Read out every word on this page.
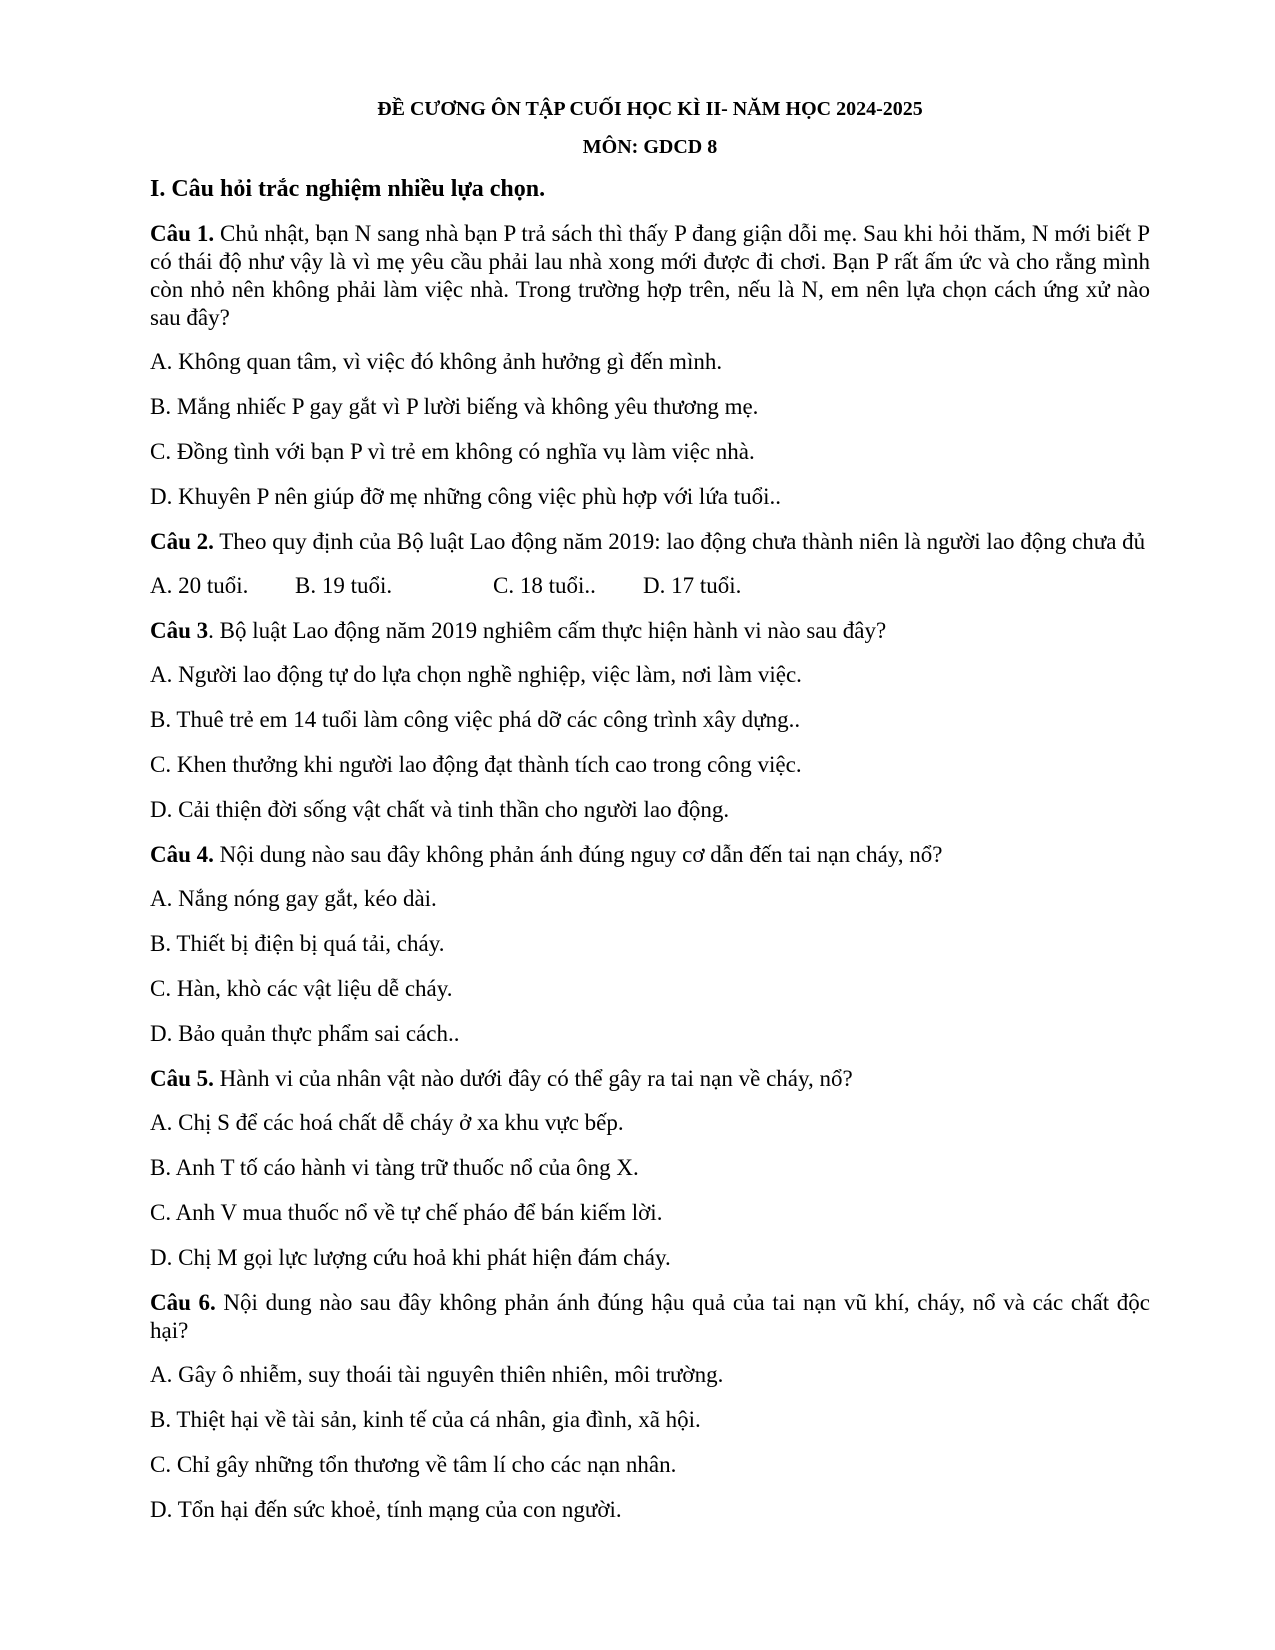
ĐỀ CƯƠNG ÔN TẬP CUỐI HỌC KÌ II- NĂM HỌC 2024-2025
MÔN: GDCD 8
I. Câu hỏi trắc nghiệm nhiều lựa chọn.
Câu 1. Chủ nhật, bạn N sang nhà bạn P trả sách thì thấy P đang giận dỗi mẹ. Sau khi hỏi thăm, N mới biết P có thái độ như vậy là vì mẹ yêu cầu phải lau nhà xong mới được đi chơi. Bạn P rất ấm ức và cho rằng mình còn nhỏ nên không phải làm việc nhà. Trong trường hợp trên, nếu là N, em nên lựa chọn cách ứng xử nào sau đây?
A. Không quan tâm, vì việc đó không ảnh hưởng gì đến mình.
B. Mắng nhiếc P gay gắt vì P lười biếng và không yêu thương mẹ.
C. Đồng tình với bạn P vì trẻ em không có nghĩa vụ làm việc nhà.
D. Khuyên P nên giúp đỡ mẹ những công việc phù hợp với lứa tuổi..
Câu 2. Theo quy định của Bộ luật Lao động năm 2019: lao động chưa thành niên là người lao động chưa đủ
A. 20 tuổi. B. 19 tuổi.	C. 18 tuổi.. D. 17 tuổi.
Câu 3. Bộ luật Lao động năm 2019 nghiêm cấm thực hiện hành vi nào sau đây?
A. Người lao động tự do lựa chọn nghề nghiệp, việc làm, nơi làm việc.
B. Thuê trẻ em 14 tuổi làm công việc phá dỡ các công trình xây dựng..
C. Khen thưởng khi người lao động đạt thành tích cao trong công việc.
D. Cải thiện đời sống vật chất và tinh thần cho người lao động.
Câu 4. Nội dung nào sau đây không phản ánh đúng nguy cơ dẫn đến tai nạn cháy, nổ?
A. Nắng nóng gay gắt, kéo dài.
B. Thiết bị điện bị quá tải, cháy.
C. Hàn, khò các vật liệu dễ cháy.
D. Bảo quản thực phẩm sai cách..
Câu 5. Hành vi của nhân vật nào dưới đây có thể gây ra tai nạn về cháy, nổ?
A. Chị S để các hoá chất dễ cháy ở xa khu vực bếp.
B. Anh T tố cáo hành vi tàng trữ thuốc nổ của ông X.
C. Anh V mua thuốc nổ về tự chế pháo để bán kiếm lời.
D. Chị M gọi lực lượng cứu hoả khi phát hiện đám cháy.
Câu 6. Nội dung nào sau đây không phản ánh đúng hậu quả của tai nạn vũ khí, cháy, nổ và các chất độc hại?
A. Gây ô nhiễm, suy thoái tài nguyên thiên nhiên, môi trường.
B. Thiệt hại về tài sản, kinh tế của cá nhân, gia đình, xã hội.
C. Chỉ gây những tổn thương về tâm lí cho các nạn nhân.
D. Tổn hại đến sức khoẻ, tính mạng của con người.
